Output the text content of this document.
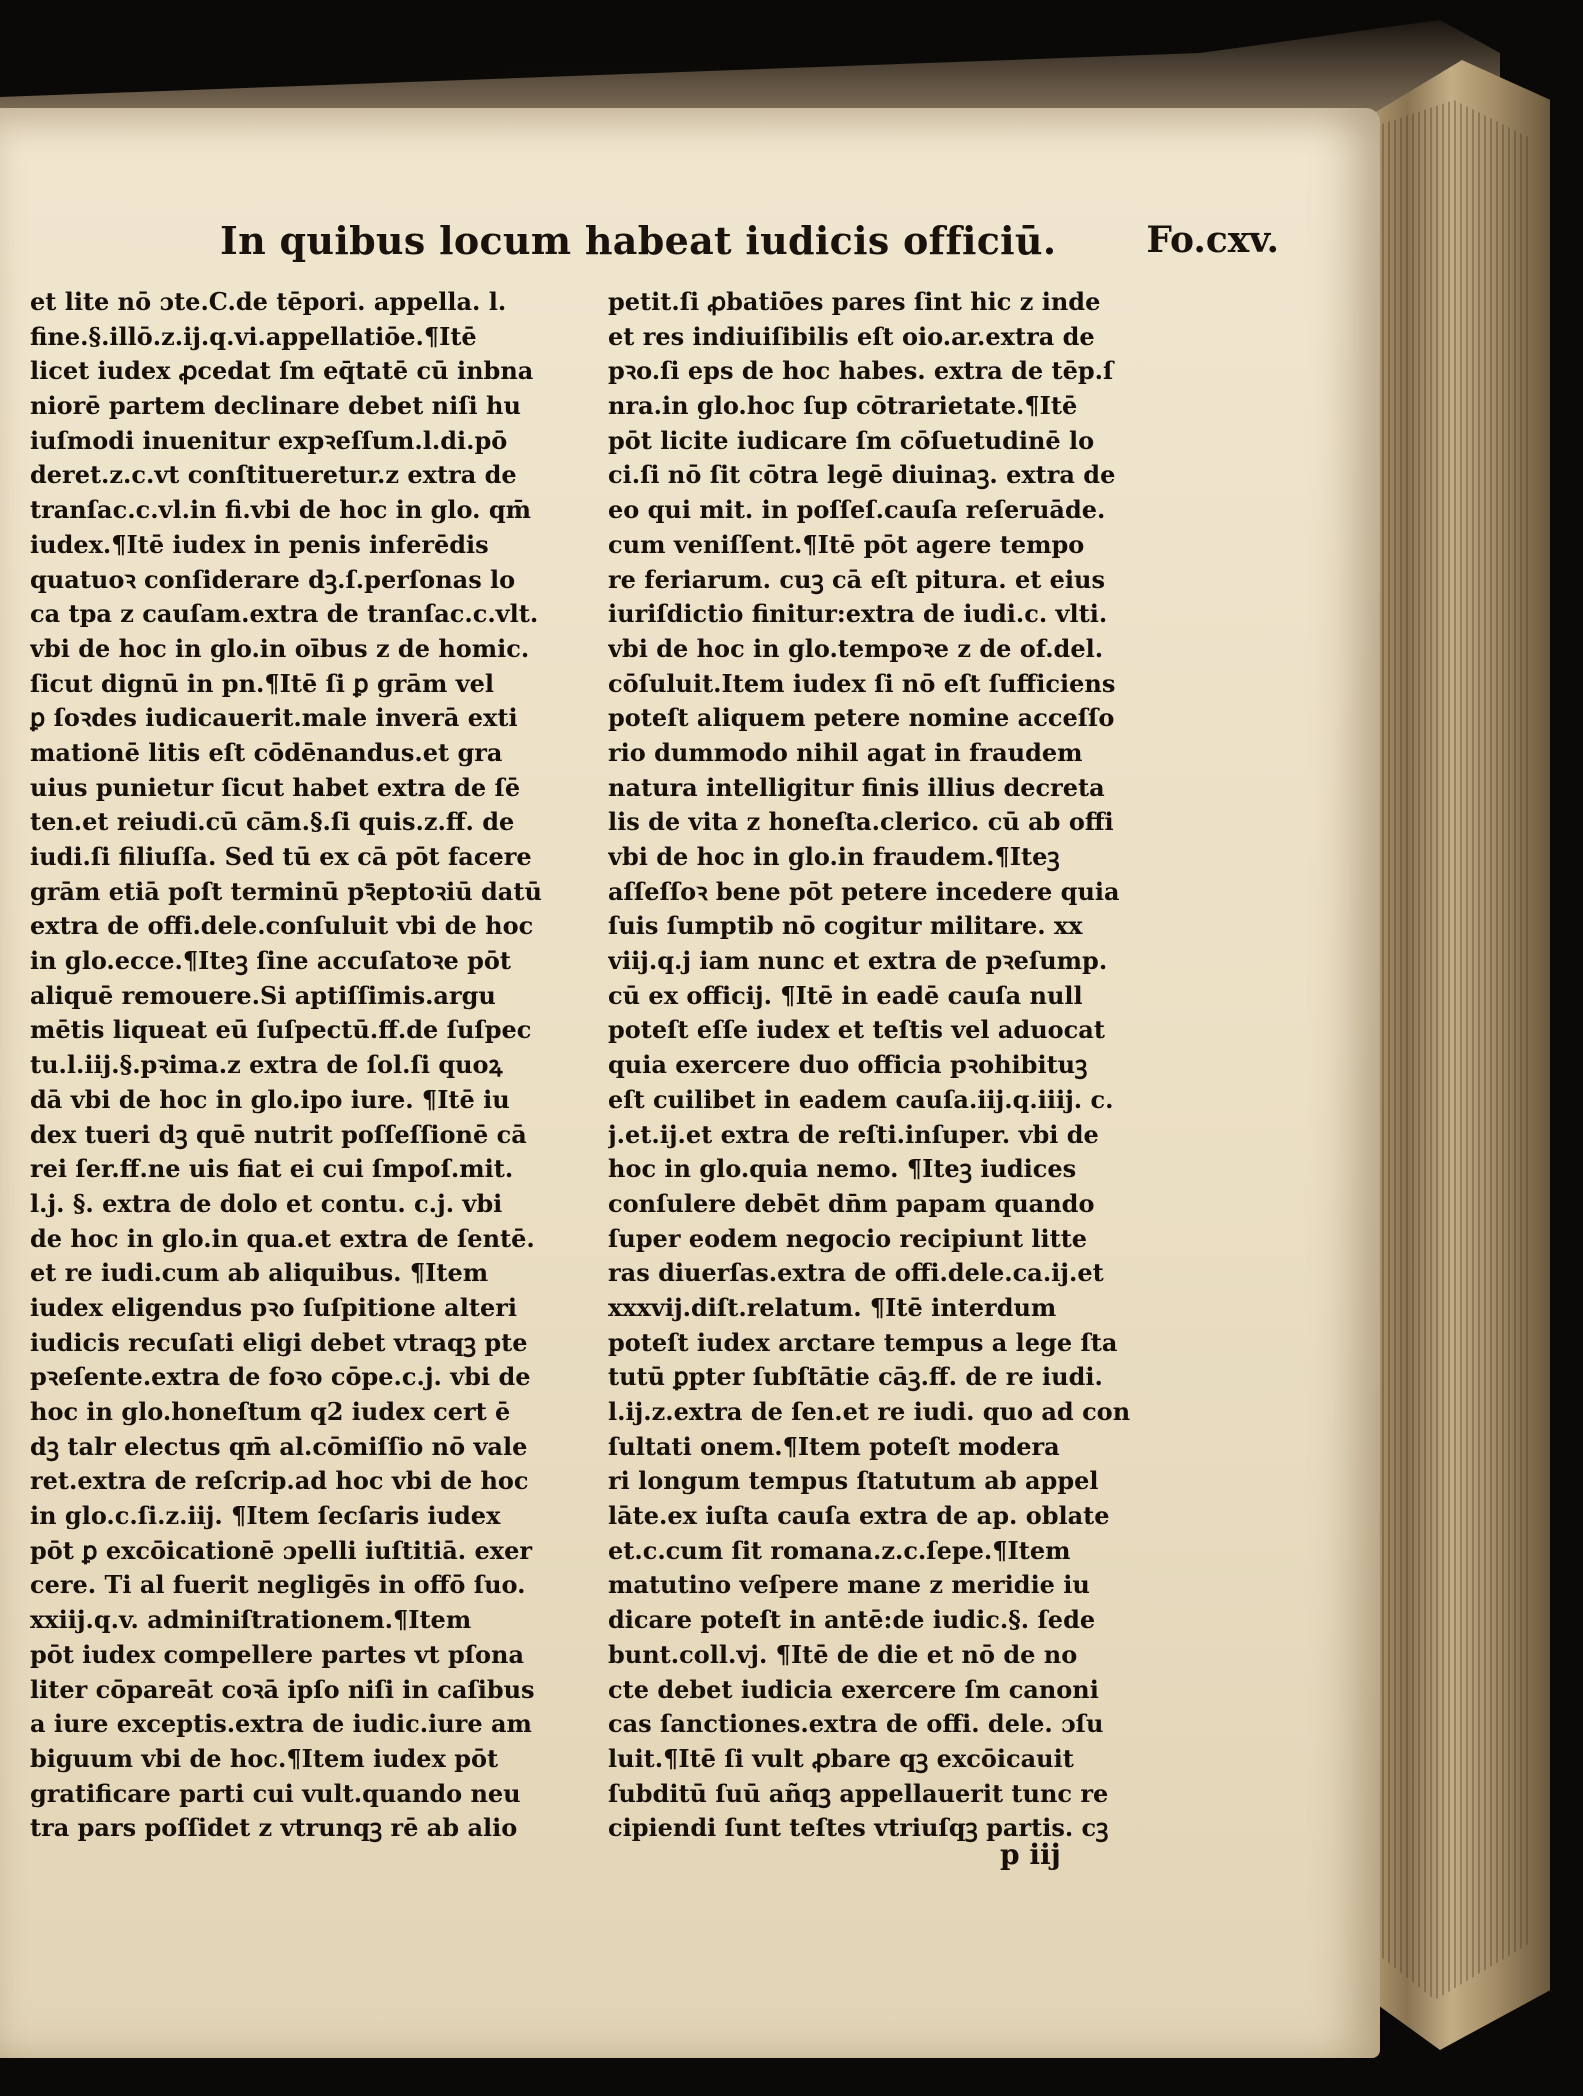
In quibus locum habeat iudicis officiū.	Fo.cxv.
et lite nō ɔte.C.de tēpori. appella. l.
fine.§.illō.z.ij.q.vi.appellatiōe.¶Itē
licet iudex ꝓcedat ſm eq̄tatē cū inbna
niorē partem declinare debet niſi hu
iuſmodi inuenitur expꝛeſſum.l.di.pō
deret.z.c.vt conſtitueretur.z extra de
tranſac.c.vl.in fi.vbi de hoc in glo. qm̄
iudex.¶Itē iudex in penis inferēdis
quatuoꝛ conſiderare dꝫ.ſ.perſonas lo
ca tpa z cauſam.extra de tranſac.c.vlt.
vbi de hoc in glo.in oībus z de homic.
ſicut dignū in pn.¶Itē ſi ꝑ grām vel
ꝑ ſoꝛdes iudicauerit.male inverā exti
mationē litis eſt cōdēnandus.et gra
uius punietur ſicut habet extra de ſē
ten.et reiudi.cū cām.§.ſi quis.z.ff. de
iudi.ſi filiuſſa. Sed tū ex cā pōt facere
grām etiā poſt terminū pꝛ̄eptoꝛiū datū
extra de offi.dele.conſuluit vbi de hoc
in glo.ecce.¶Iteꝫ ſine accuſatoꝛe pōt
aliquē remouere.Si aptiſſimis.argu
mētis liqueat eū ſuſpectū.ff.de ſuſpec
tu.l.iij.§.pꝛima.z extra de ſol.ſi quoꝝ
dā vbi de hoc in glo.ipo iure. ¶Itē iu
dex tueri dꝫ quē nutrit poſſeſſionē cā
rei ſer.ff.ne uis fiat ei cui ſmpoſ.mit.
l.j. §. extra de dolo et contu. c.j. vbi
de hoc in glo.in qua.et extra de ſentē.
et re iudi.cum ab aliquibus. ¶Item
iudex eligendus pꝛo ſuſpitione alteri
iudicis recuſati eligi debet vtraqꝫ pte
pꝛeſente.extra de foꝛo cōpe.c.j. vbi de
hoc in glo.honeſtum q2 iudex cert ē
dꝫ talr electus qm̄ al.cōmiſſio nō vale
ret.extra de reſcrip.ad hoc vbi de hoc
in glo.c.ſi.z.iij. ¶Item ſecſaris iudex
pōt ꝑ excōicationē ɔpelli iuſtitiā. exer
cere. Ti al fuerit negligēs in offō ſuo.
xxiij.q.v. adminiſtrationem.¶Item
pōt iudex compellere partes vt pſona
liter cōpareāt coꝛā ipſo niſi in caſibus
a iure exceptis.extra de iudic.iure am
biguum vbi de hoc.¶Item iudex pōt
gratificare parti cui vult.quando neu
tra pars poſſidet z vtrunqꝫ rē ab alio
petit.ſi ꝓbatiōes pares ſint hic z inde
et res indiuiſibilis eſt oio.ar.extra de
pꝛo.ſi eps de hoc habes. extra de tēp.ſ
nra.in glo.hoc ſup cōtrarietate.¶Itē
pōt licite iudicare ſm cōſuetudinē lo
ci.ſi nō ſit cōtra legē diuinaꝫ. extra de
eo qui mit. in poſſeſ.cauſa reſeruāde.
cum veniſſent.¶Itē pōt agere tempo
re feriarum. cuꝫ cā eſt pitura. et eius
iuriſdictio finitur:extra de iudi.c. vlti.
vbi de hoc in glo.tempoꝛe z de of.del.
cōſuluit.Item iudex ſi nō eſt ſufficiens
poteſt aliquem petere nomine acceſſo
rio dummodo nihil agat in fraudem
natura intelligitur finis illius decreta
lis de vita z honeſta.clerico. cū ab offi
vbi de hoc in glo.in fraudem.¶Iteꝫ
aſſeſſoꝛ bene pōt petere incedere quia
ſuis ſumptib nō cogitur militare. xx
viij.q.j iam nunc et extra de pꝛeſump.
cū ex officij. ¶Itē in eadē cauſa null
poteſt eſſe iudex et teſtis vel aduocat
quia exercere duo officia pꝛohibituꝫ
eſt cuilibet in eadem cauſa.iij.q.iiij. c.
j.et.ij.et extra de reſti.inſuper. vbi de
hoc in glo.quia nemo. ¶Iteꝫ iudices
conſulere debēt dn̄m papam quando
ſuper eodem negocio recipiunt litte
ras diuerſas.extra de offi.dele.ca.ij.et
xxxvij.diſt.relatum. ¶Itē interdum
poteſt iudex arctare tempus a lege ſta
tutū ꝑpter ſubſtātie cāꝫ.ff. de re iudi.
l.ij.z.extra de ſen.et re iudi. quo ad con
ſultati onem.¶Item poteſt modera
ri longum tempus ſtatutum ab appel
lāte.ex iuſta cauſa extra de ap. oblate
et.c.cum ſit romana.z.c.ſepe.¶Item
matutino veſpere mane z meridie iu
dicare poteſt in antē:de iudic.§. ſede
bunt.coll.vj. ¶Itē de die et nō de no
cte debet iudicia exercere ſm canoni
cas ſanctiones.extra de offi. dele. ɔſu
luit.¶Itē ſi vult ꝓbare qꝫ excōicauit
ſubditū ſuū añqꝫ appellauerit tunc re
cipiendi ſunt teſtes vtriuſqꝫ partis. cꝫ
p iij
